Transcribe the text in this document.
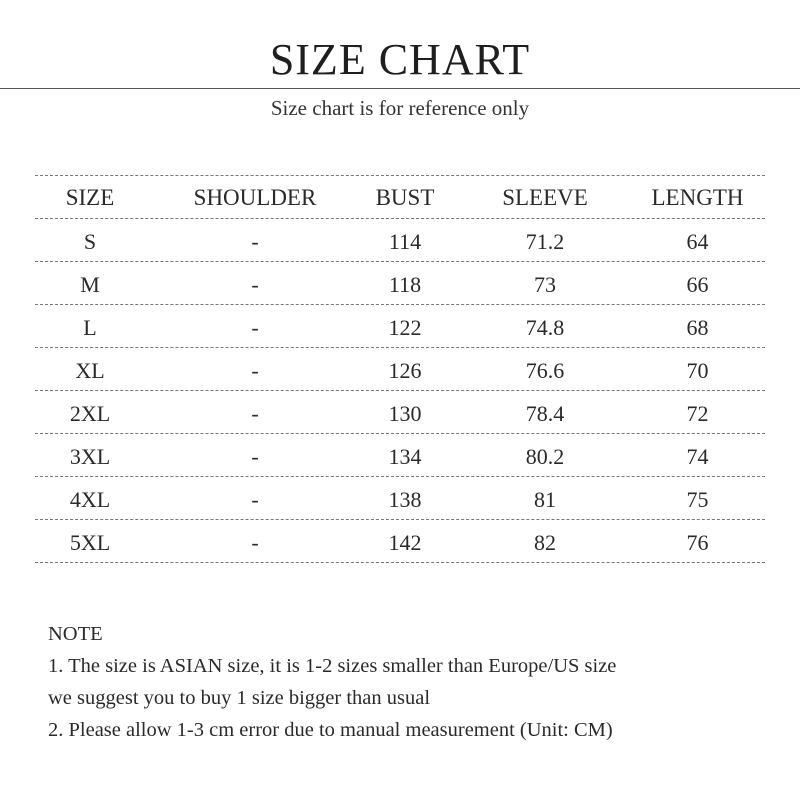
SIZE CHART
Size chart is for reference only
SIZE	SHOULDER	BUST	SLEEVE	LENGTH
S	-	114	71.2	64
M	-	118	73	66
L	-	122	74.8	68
XL	-	126	76.6	70
2XL	-	130	78.4	72
3XL	-	134	80.2	74
4XL	-	138	81	75
5XL	-	142	82	76
NOTE
1. The size is ASIAN size, it is 1-2 sizes smaller than Europe/US size
we suggest you to buy 1 size bigger than usual
2. Please allow 1-3 cm error due to manual measurement (Unit: CM)
